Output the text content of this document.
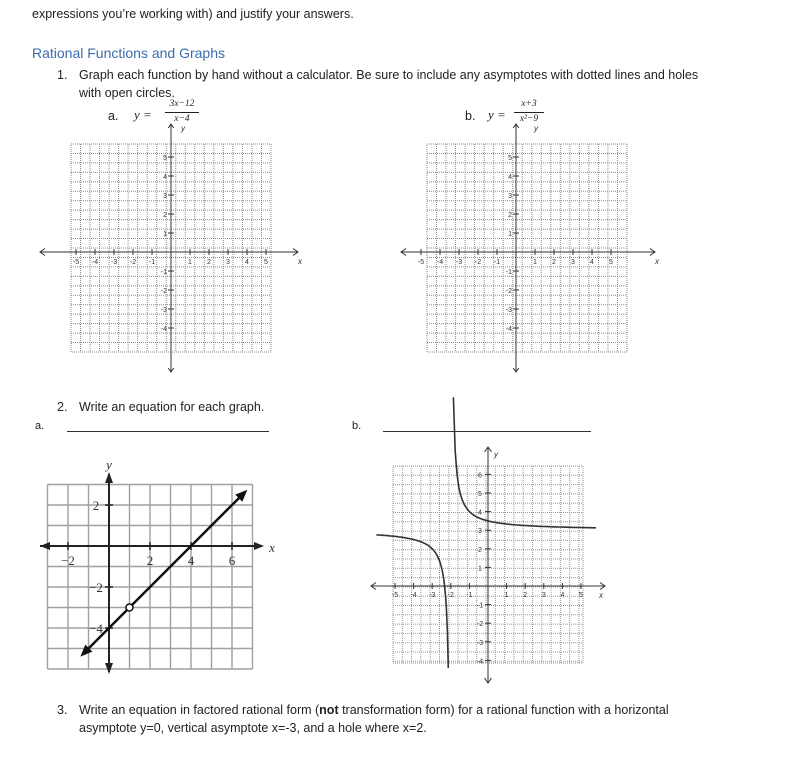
expressions you’re working with) and justify your answers.
Rational Functions and Graphs
1. Graph each function by hand without a calculator. Be sure to include any asymptotes with dotted lines and holes
with open circles.
a. y =
3x−12
x−4	b. y =
x+3
x²−9
x
-5 -4 -3 -2 -1	1 2 3 4 5
5
4
3
2
1
-1
-2
-3
-4
y
x
-5 -4 -3 -2 -1	1 2 3 4 5
5
4
3
2
1
-1
-2
-3
-4
y
2. Write an equation for each graph.
a.	b.
x
y
−2	2	4	6
2
−2
−4
y
x
-5 -4 -3 -2 -1	1 2 3 4 5
6
5
4
3
2
1
-1
-2
-3
-4
3. Write an equation in factored rational form (not transformation form) for a rational function with a horizontal
asymptote y=0, vertical asymptote x=-3, and a hole where x=2.
